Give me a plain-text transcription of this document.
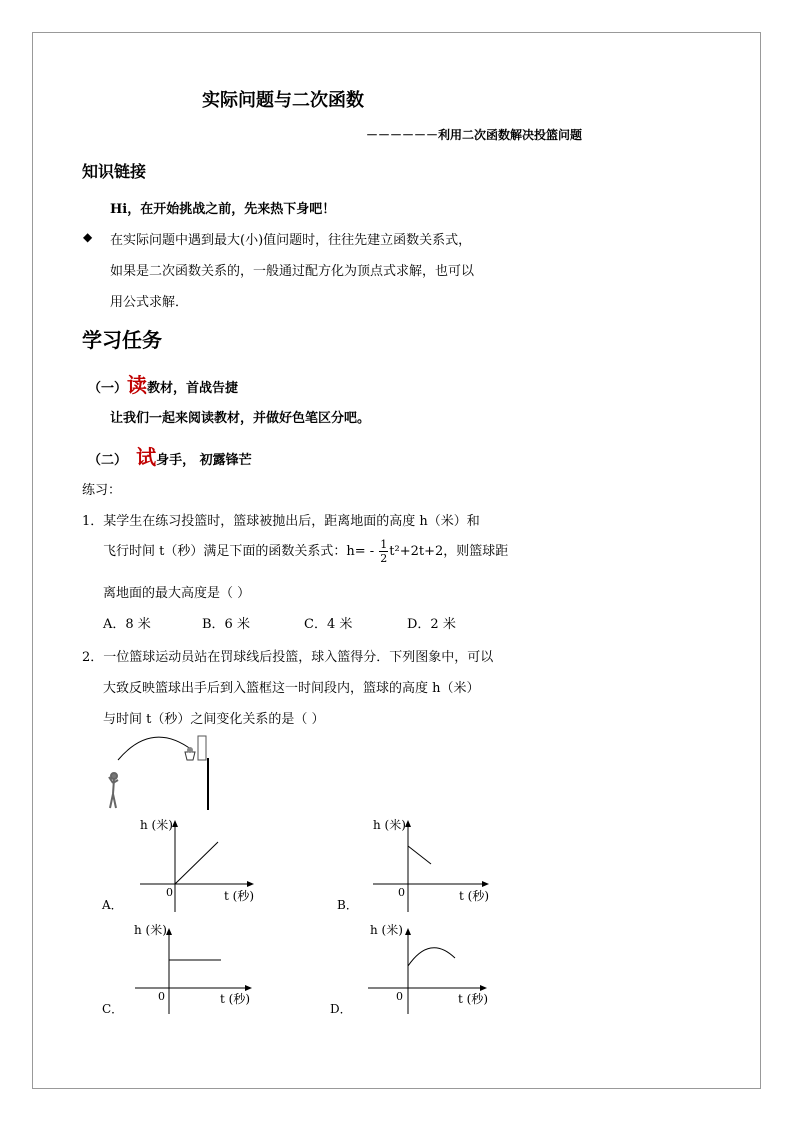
实际问题与二次函数
－－－－－－利用二次函数解决投篮问题
知识链接
Hi，在开始挑战之前，先来热下身吧！
◆ 在实际问题中遇到最大(小)值问题时，往往先建立函数关系式，
如果是二次函数关系的，一般通过配方化为顶点式求解，也可以
用公式求解．
学习任务
（一）读教材，首战告捷
让我们一起来阅读教材，并做好色笔区分吧。
（二） 试身手， 初露锋芒
练习：
1．某学生在练习投篮时，篮球被抛出后，距离地面的高度 h（米）和
飞行时间 t（秒）满足下面的函数关系式：$h= - \frac{1}{2} t^2+2t+2$，则篮球距
离地面的最大高度是（ ）
A．8 米	B．6 米	C．4 米	D．2 米
2．一位篮球运动员站在罚球线后投篮，球入篮得分．下列图象中，可以
大致反映篮球出手后到入篮框这一时间段内，篮球的高度 h（米）
与时间 t（秒）之间变化关系的是（ ）
h (米)
0	t (秒)
A．
h (米)
0	t (秒)
B．
h (米)
0	t (秒)
C．
h (米)
0	t (秒)
D．
